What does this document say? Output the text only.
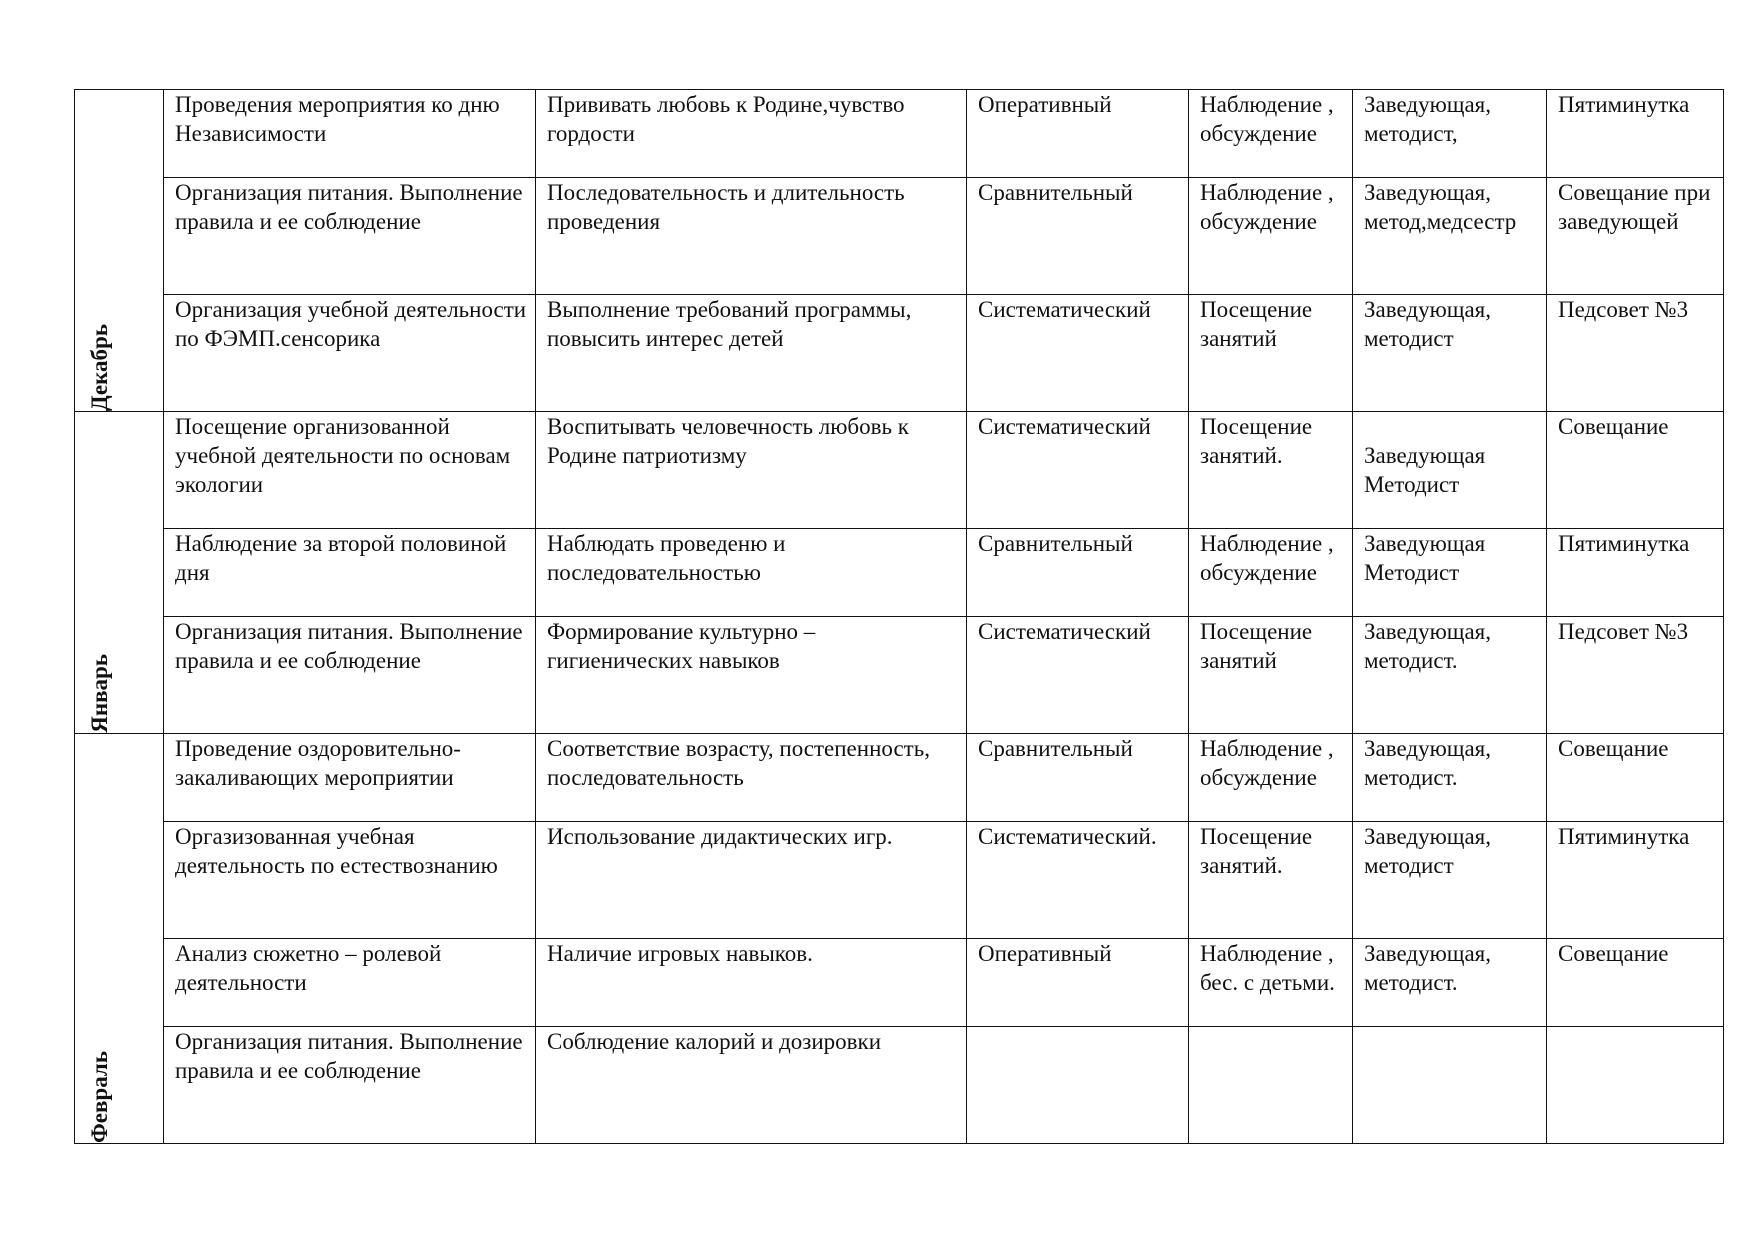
Декабрь	Проведения мероприятия ко дню Независимости	Прививать любовь к Родине,чувство гордости	Оперативный	Наблюдение , обсуждение	Заведующая, методист,	Пятиминутка
	Организация питания. Выполнение правила и ее соблюдение	Последовательность и длительность проведения	Сравнительный	Наблюдение , обсуждение	Заведующая, метод,медсестр	Совещание при заведующей
	Организация учебной деятельности по ФЭМП.сенсорика	Выполнение требований программы, повысить интерес детей	Систематический	Посещение занятий	Заведующая, методист	Педсовет №3

Январь	Посещение организованной учебной деятельности по основам экологии	Воспитывать человечность любовь к Родине патриотизму	Систематический	Посещение занятий.	Заведующая Методист	Совещание
	Наблюдение за второй половиной дня	Наблюдать проведеню и последовательностью	Сравнительный	Наблюдение , обсуждение	Заведующая Методист	Пятиминутка
	Организация питания. Выполнение правила и ее соблюдение	Формирование культурно – гигиенических навыков	Систематический	Посещение занятий	Заведующая, методист.	Педсовет №3

Февраль	Проведение оздоровительно-закаливающих мероприятии	Соответствие возрасту, постепенность, последовательность	Сравнительный	Наблюдение , обсуждение	Заведующая, методист.	Совещание
	Оргазизованная учебная деятельность по естествознанию	Использование дидактических игр.	Систематический.	Посещение занятий.	Заведующая, методист	Пятиминутка
	Анализ сюжетно – ролевой деятельности	Наличие игровых навыков.	Оперативный	Наблюдение , бес. с детьми.	Заведующая, методист.	Совещание
	Организация питания. Выполнение правила и ее соблюдение	Соблюдение калорий и дозировки				
